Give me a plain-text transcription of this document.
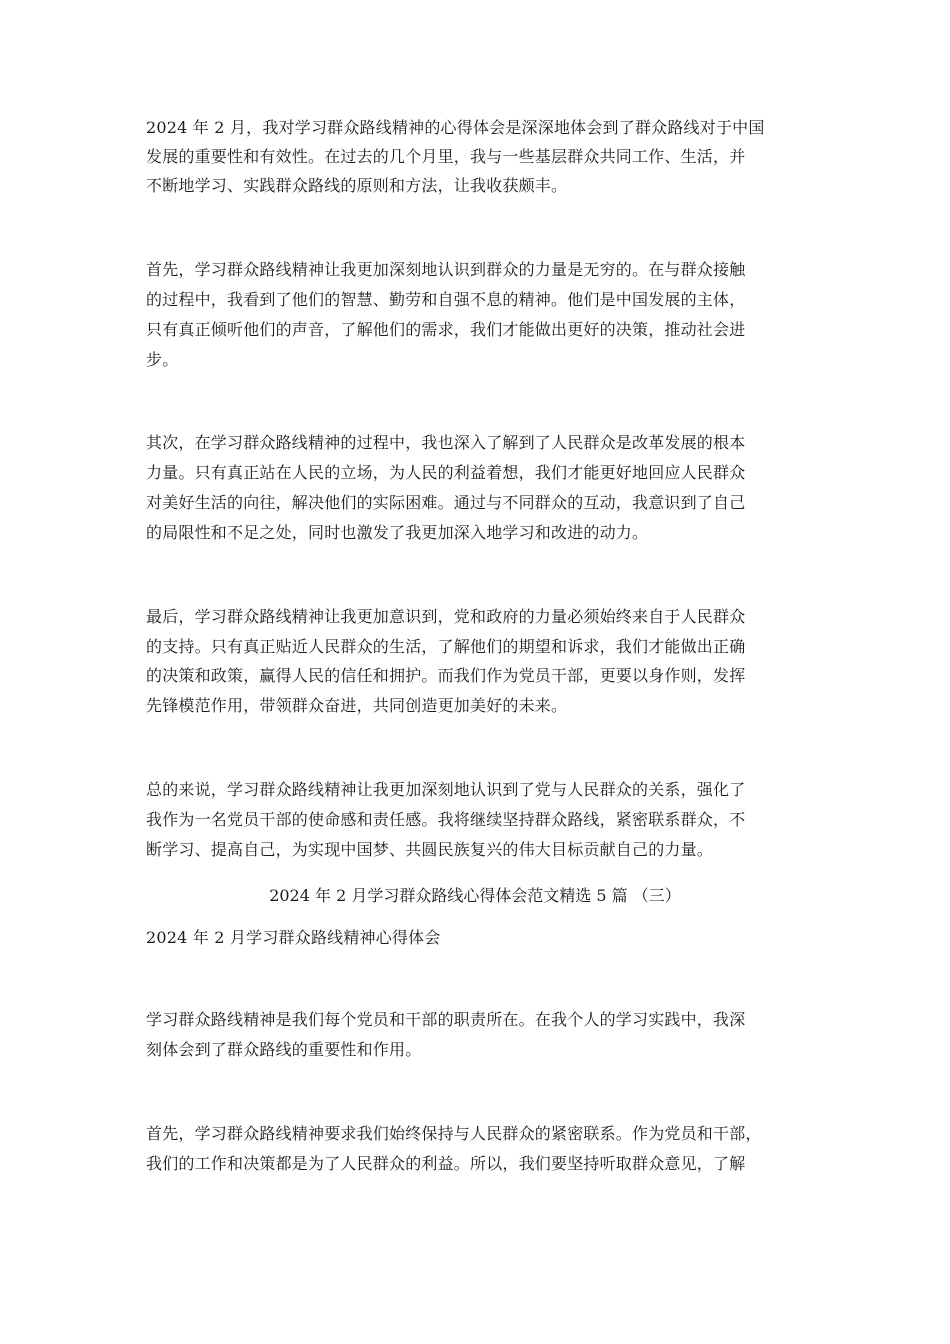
2024 年 2 月，我对学习群众路线精神的心得体会是深深地体会到了群众路线对于中国
发展的重要性和有效性。在过去的几个月里，我与一些基层群众共同工作、生活，并
不断地学习、实践群众路线的原则和方法，让我收获颇丰。
首先，学习群众路线精神让我更加深刻地认识到群众的力量是无穷的。在与群众接触
的过程中，我看到了他们的智慧、勤劳和自强不息的精神。他们是中国发展的主体，
只有真正倾听他们的声音，了解他们的需求，我们才能做出更好的决策，推动社会进
步。
其次，在学习群众路线精神的过程中，我也深入了解到了人民群众是改革发展的根本
力量。只有真正站在人民的立场，为人民的利益着想，我们才能更好地回应人民群众
对美好生活的向往，解决他们的实际困难。通过与不同群众的互动，我意识到了自己
的局限性和不足之处，同时也激发了我更加深入地学习和改进的动力。
最后，学习群众路线精神让我更加意识到，党和政府的力量必须始终来自于人民群众
的支持。只有真正贴近人民群众的生活，了解他们的期望和诉求，我们才能做出正确
的决策和政策，赢得人民的信任和拥护。而我们作为党员干部，更要以身作则，发挥
先锋模范作用，带领群众奋进，共同创造更加美好的未来。
总的来说，学习群众路线精神让我更加深刻地认识到了党与人民群众的关系，强化了
我作为一名党员干部的使命感和责任感。我将继续坚持群众路线，紧密联系群众，不
断学习、提高自己，为实现中国梦、共圆民族复兴的伟大目标贡献自己的力量。
2024 年 2 月学习群众路线心得体会范文精选 5 篇 （三）
2024 年 2 月学习群众路线精神心得体会
学习群众路线精神是我们每个党员和干部的职责所在。在我个人的学习实践中，我深
刻体会到了群众路线的重要性和作用。
首先，学习群众路线精神要求我们始终保持与人民群众的紧密联系。作为党员和干部，
我们的工作和决策都是为了人民群众的利益。所以，我们要坚持听取群众意见，了解
